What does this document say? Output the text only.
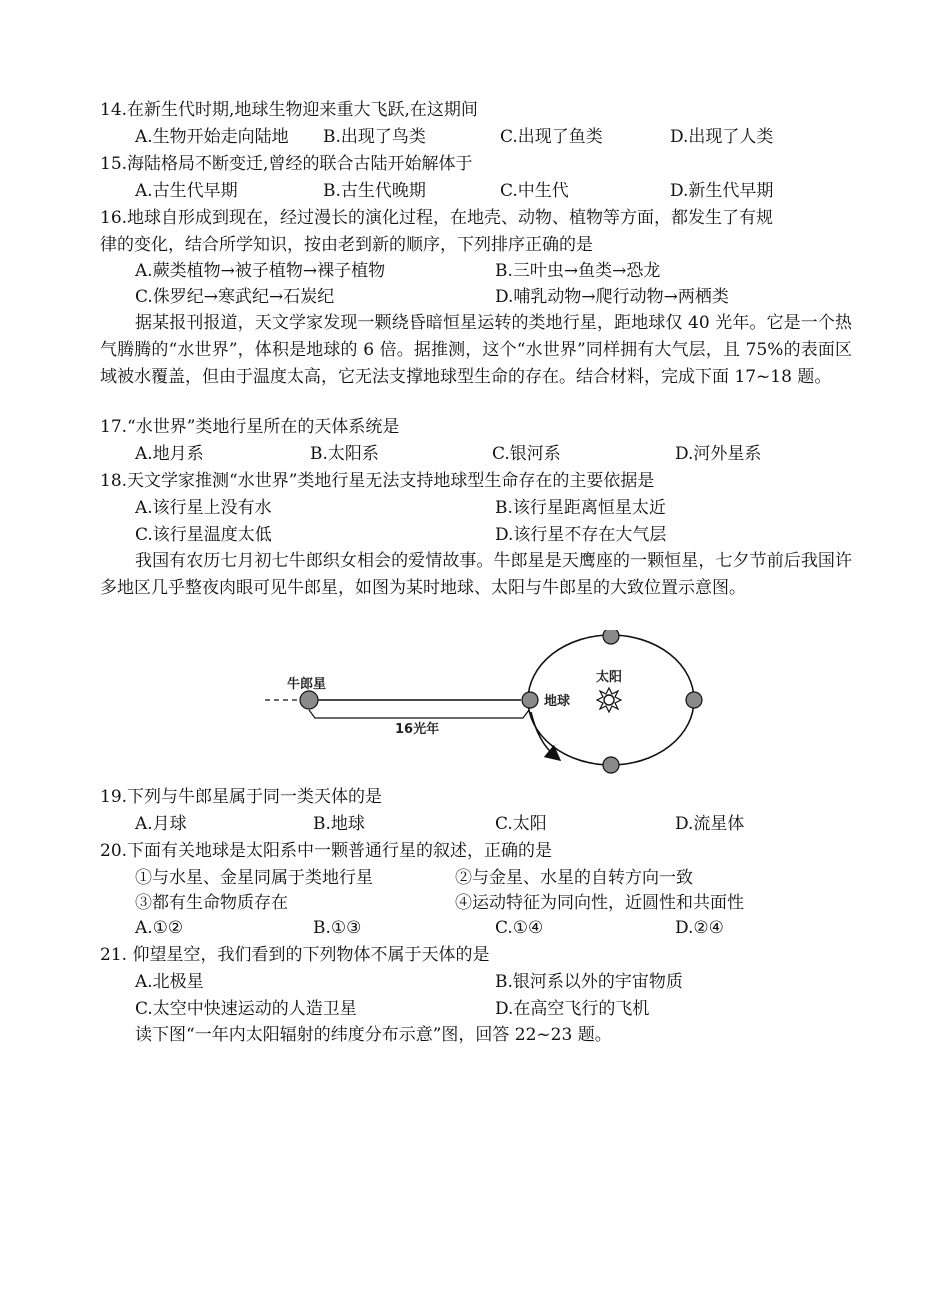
14.在新生代时期,地球生物迎来重大飞跃,在这期间
A.生物开始走向陆地 B.出现了鸟类	C.出现了鱼类	D.出现了人类
15.海陆格局不断变迁,曾经的联合古陆开始解体于
A.古生代早期	B.古生代晚期	C.中生代	D.新生代早期
16.地球自形成到现在，经过漫长的演化过程，在地壳、动物、植物等方面，都发生了有规
律的变化，结合所学知识，按由老到新的顺序，下列排序正确的是
A.蕨类植物→被子植物→裸子植物	B.三叶虫→鱼类→恐龙
C.侏罗纪→寒武纪→石炭纪	D.哺乳动物→爬行动物→两栖类
据某报刊报道，天文学家发现一颗绕昏暗恒星运转的类地行星，距地球仅 40 光年。它是一个热气腾腾的“水世界”，体积是地球的 6 倍。据推测，这个“水世界”同样拥有大气层，且 75%的表面区域被水覆盖，但由于温度太高，它无法支撑地球型生命的存在。结合材料，完成下面 17~18 题。
17.“水世界”类地行星所在的天体系统是
A.地月系	B.太阳系	C.银河系	D.河外星系
18.天文学家推测“水世界”类地行星无法支持地球型生命存在的主要依据是
A.该行星上没有水	B.该行星距离恒星太近
C.该行星温度太低	D.该行星不存在大气层
我国有农历七月初七牛郎织女相会的爱情故事。牛郎星是天鹰座的一颗恒星，七夕节前后我国许多地区几乎整夜肉眼可见牛郎星，如图为某时地球、太阳与牛郎星的大致位置示意图。
牛郎星
16光年
地球
太阳
19.下列与牛郎星属于同一类天体的是
A.月球	B.地球	C.太阳	D.流星体
20.下面有关地球是太阳系中一颗普通行星的叙述，正确的是
①与水星、金星同属于类地行星	②与金星、水星的自转方向一致
③都有生命物质存在	④运动特征为同向性，近圆性和共面性
A.①②	B.①③	C.①④	D.②④
21. 仰望星空，我们看到的下列物体不属于天体的是
A.北极星	B.银河系以外的宇宙物质
C.太空中快速运动的人造卫星	D.在高空飞行的飞机
读下图“一年内太阳辐射的纬度分布示意”图，回答 22~23 题。
